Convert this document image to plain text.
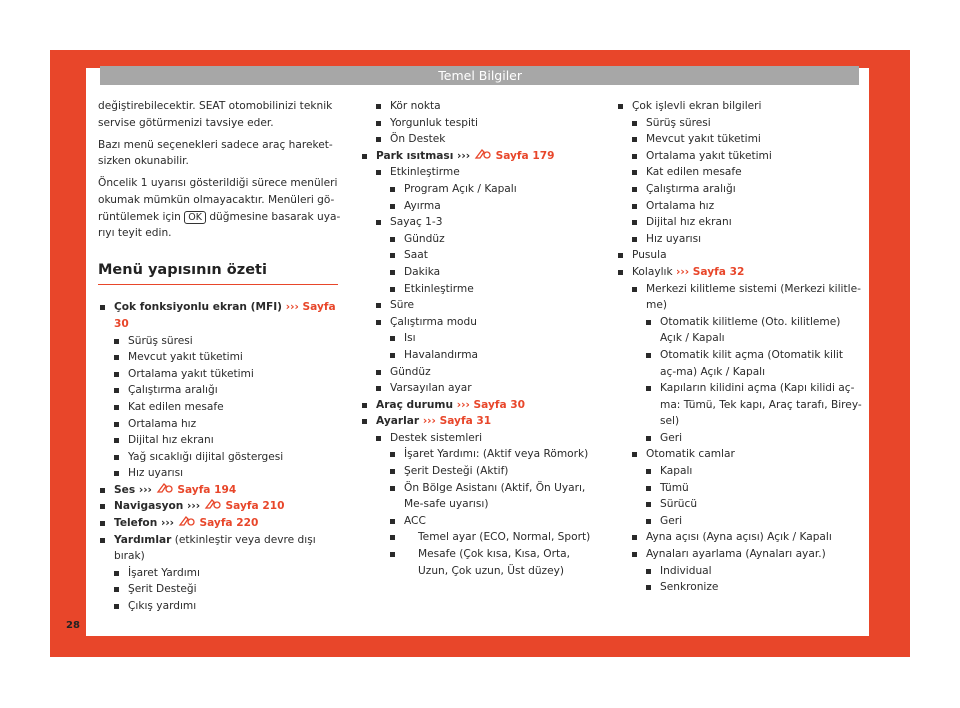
Temel Bilgiler

değiştirebilecektir. SEAT otomobilinizi teknik servise götürmenizi tavsiye eder.

Bazı menü seçenekleri sadece araç hareket-sizken okunabilir.

Öncelik 1 uyarısı gösterildiği sürece menüleri okumak mümkün olmayacaktır. Menüleri gö-rüntülemek için OK düğmesine basarak uya-rıyı teyit edin.

Menü yapısının özeti
Çok fonksiyonlu ekran (MFI) ››› Sayfa 30
Sürüş süresi
Mevcut yakıt tüketimi
Ortalama yakıt tüketimi
Çalıştırma aralığı
Kat edilen mesafe
Ortalama hız
Dijital hız ekranı
Yağ sıcaklığı dijital göstergesi
Hız uyarısı
Ses ››› Sayfa 194
Navigasyon ››› Sayfa 210
Telefon ››› Sayfa 220
Yardımlar (etkinleştir veya devre dışı bırak)
İşaret Yardımı
Şerit Desteği
Çıkış yardımı
Kör nokta
Yorgunluk tespiti
Ön Destek
Park ısıtması ››› Sayfa 179
Etkinleştirme
Program Açık / Kapalı
Ayırma
Sayaç 1-3
Gündüz
Saat
Dakika
Etkinleştirme
Süre
Çalıştırma modu
Isı
Havalandırma
Gündüz
Varsayılan ayar
Araç durumu ››› Sayfa 30
Ayarlar ››› Sayfa 31
Destek sistemleri
İşaret Yardımı: (Aktif veya Römork)
Şerit Desteği (Aktif)
Ön Bölge Asistanı (Aktif, Ön Uyarı, Me-safe uyarısı)
ACC
Temel ayar (ECO, Normal, Sport)
Mesafe (Çok kısa, Kısa, Orta, Uzun, Çok uzun, Üst düzey)
Çok işlevli ekran bilgileri
Sürüş süresi
Mevcut yakıt tüketimi
Ortalama yakıt tüketimi
Kat edilen mesafe
Çalıştırma aralığı
Ortalama hız
Dijital hız ekranı
Hız uyarısı
Pusula
Kolaylık ››› Sayfa 32
Merkezi kilitleme sistemi (Merkezi kilitle-me)
Otomatik kilitleme (Oto. kilitleme) Açık / Kapalı
Otomatik kilit açma (Otomatik kilit aç-ma) Açık / Kapalı
Kapıların kilidini açma (Kapı kilidi aç-ma: Tümü, Tek kapı, Araç tarafı, Birey-sel)
Geri
Otomatik camlar
Kapalı
Tümü
Sürücü
Geri
Ayna açısı (Ayna açısı) Açık / Kapalı
Aynaları ayarlama (Aynaları ayar.)
Individual
Senkronize
28
